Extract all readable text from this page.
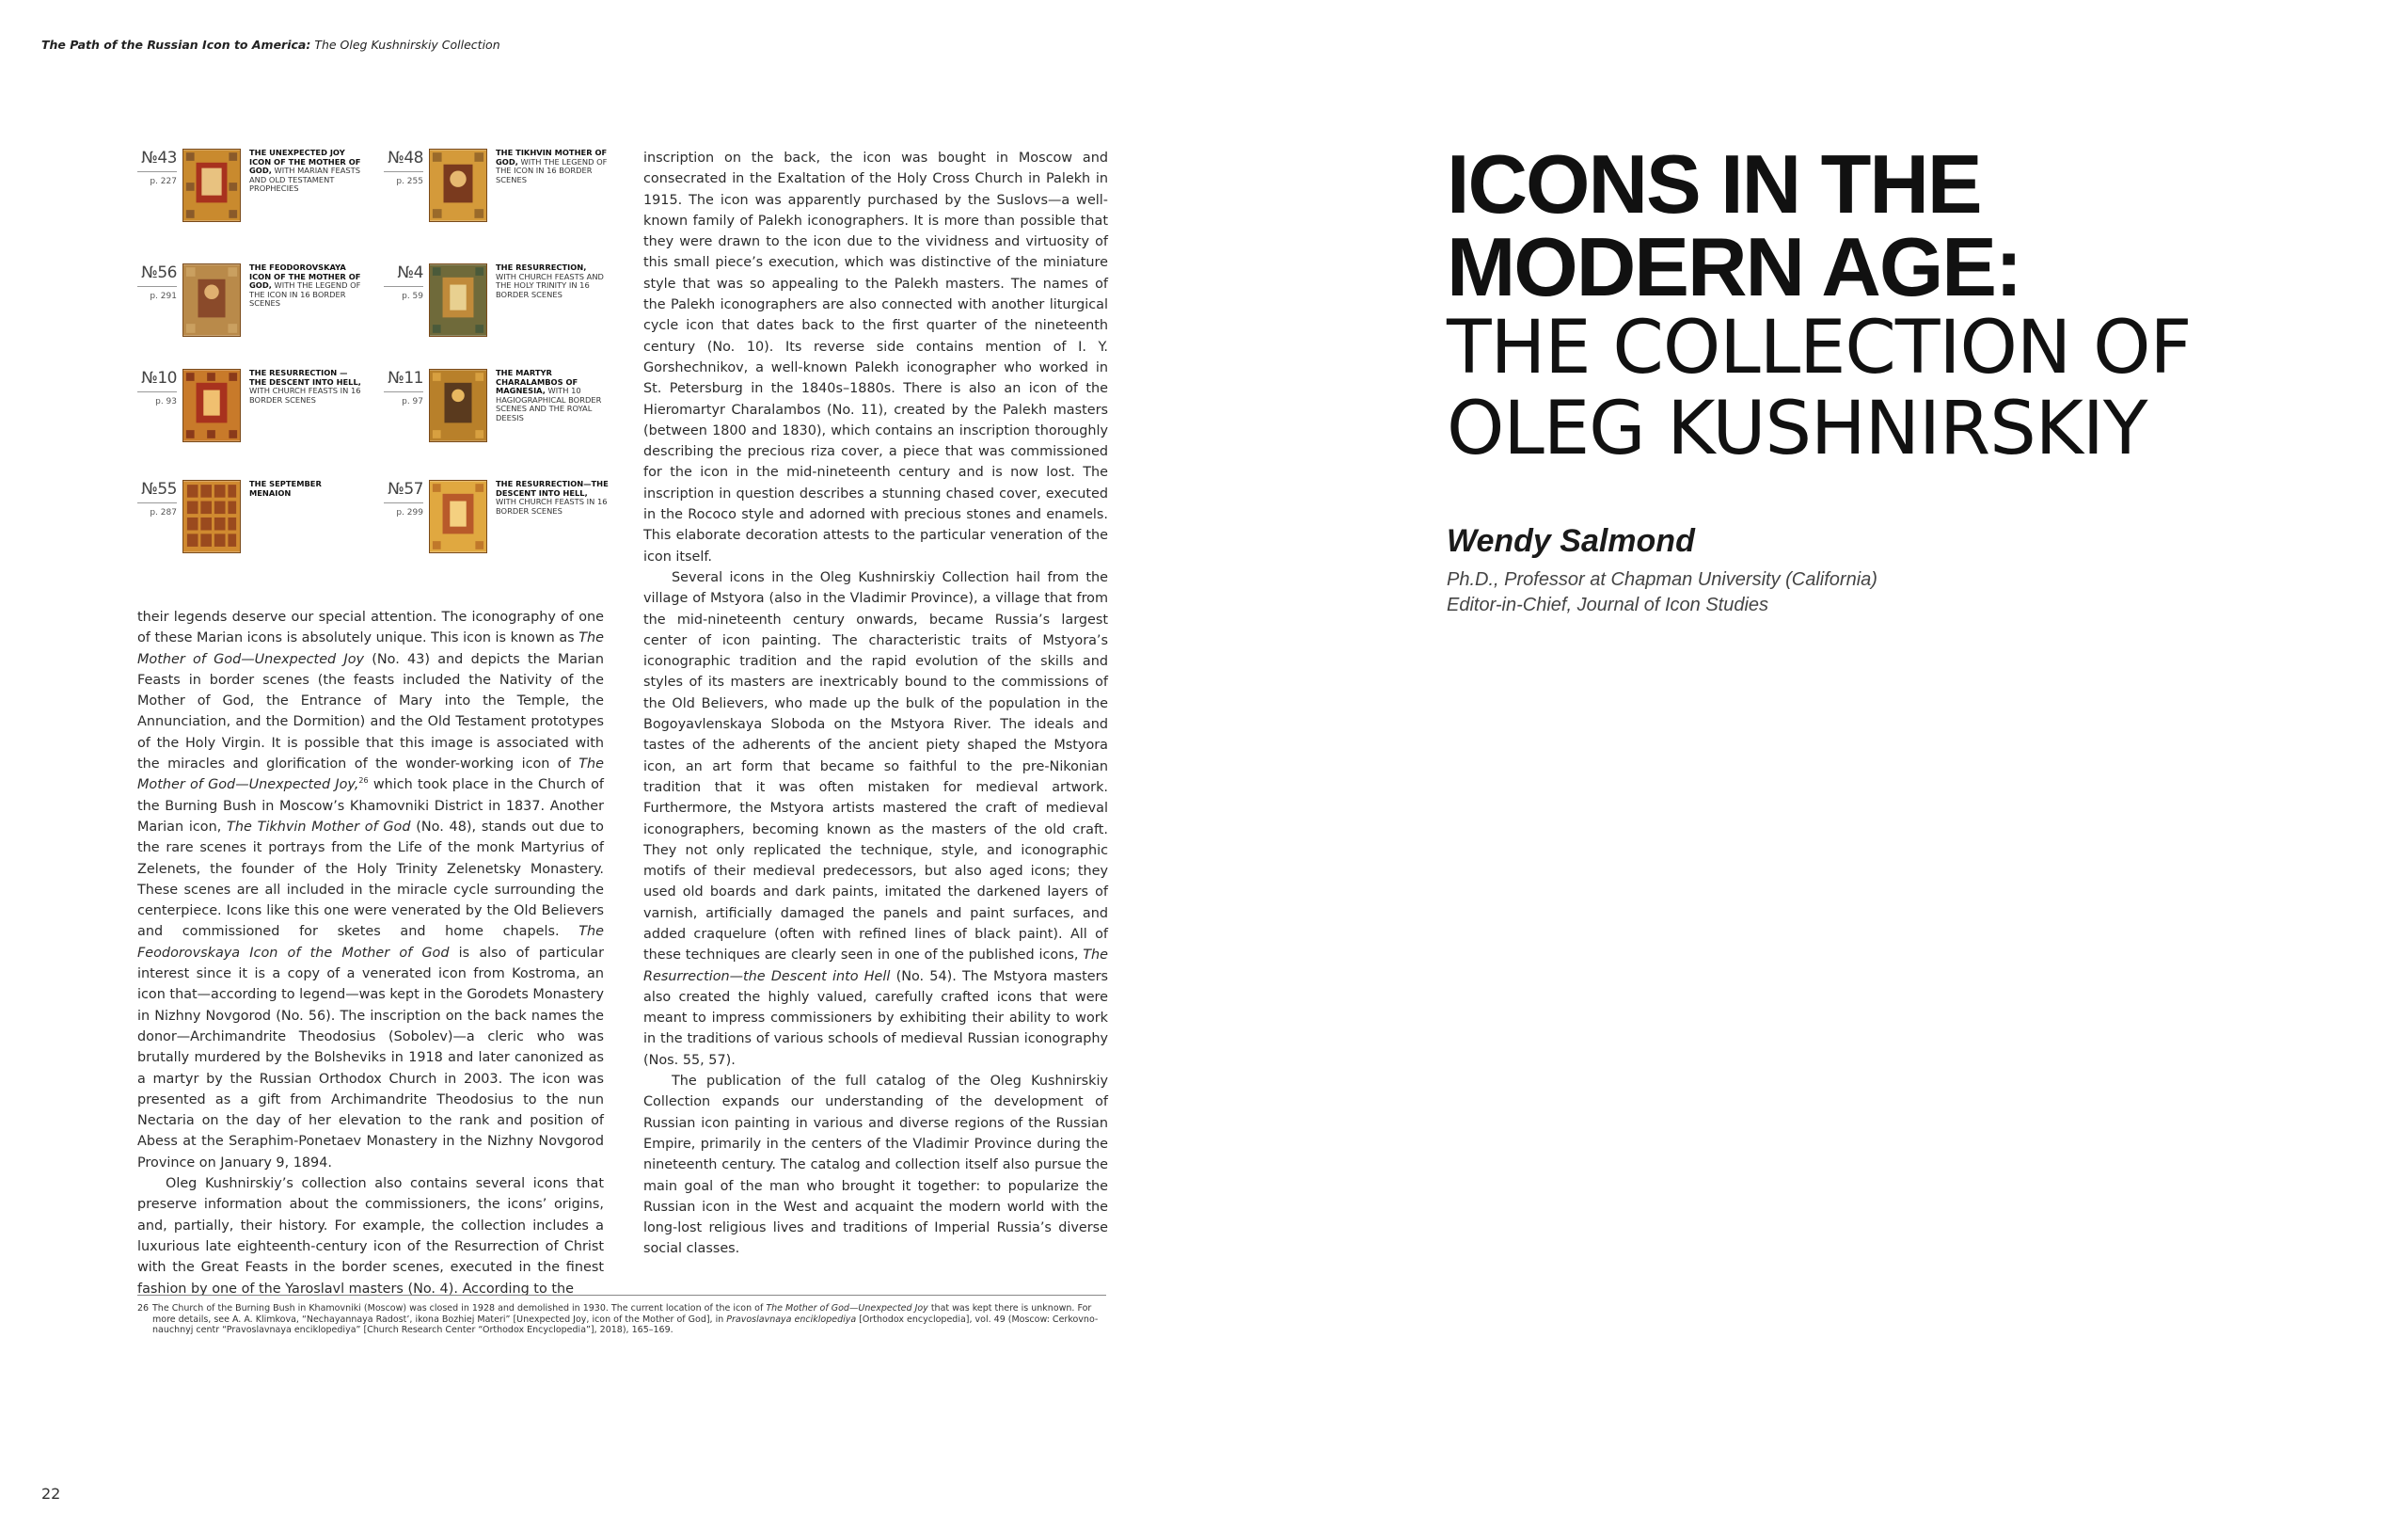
The Path of the Russian Icon to America: The Oleg Kushnirskiy Collection
№43
p. 227
THE UNEXPECTED JOY ICON OF THE MOTHER OF GOD, WITH MARIAN FEASTS AND OLD TESTAMENT PROPHECIES
№48
p. 255
THE TIKHVIN MOTHER OF GOD, WITH THE LEGEND OF THE ICON IN 16 BORDER SCENES
№56
p. 291
THE FEODOROVSKAYA ICON OF THE MOTHER OF GOD, WITH THE LEGEND OF THE ICON IN 16 BORDER SCENES
№4
p. 59
THE RESURRECTION, WITH CHURCH FEASTS AND THE HOLY TRINITY IN 16 BORDER SCENES
№10
p. 93
THE RESURRECTION —THE DESCENT INTO HELL, WITH CHURCH FEASTS IN 16 BORDER SCENES
№11
p. 97
THE MARTYR CHARALAMBOS OF MAGNESIA, WITH 10 HAGIOGRAPHICAL BORDER SCENES AND THE ROYAL DEESIS
№55
p. 287
THE SEPTEMBER MENAION	№57
p. 299
THE RESURRECTION—THE DESCENT INTO HELL, WITH CHURCH FEASTS IN 16 BORDER SCENES

their legends deserve our special attention. The iconography of one of these Marian icons is absolutely unique. This icon is known as The Mother of God—Unexpected Joy (No. 43) and depicts the Marian Feasts in border scenes (the feasts included the Nativity of the Mother of God, the Entrance of Mary into the Temple, the Annunciation, and the Dormition) and the Old Testament prototypes of the Holy Virgin. It is possible that this image is associated with the miracles and glorification of the wonder-working icon of The Mother of God—Unexpected Joy,$^{26}$ which took place in the Church of the Burning Bush in Moscow’s Khamovniki District in 1837. Another Marian icon, The Tikhvin Mother of God (No. 48), stands out due to the rare scenes it portrays from the Life of the monk Martyrius of Zelenets, the founder of the Holy Trinity Zelenetsky Monastery. These scenes are all included in the miracle cycle surrounding the centerpiece. Icons like this one were venerated by the Old Believers and commissioned for sketes and home chapels. The Feodorovskaya Icon of the Mother of God is also of particular interest since it is a copy of a venerated icon from Kostroma, an icon that—according to legend—was kept in the Gorodets Monastery in Nizhny Novgorod (No. 56). The inscription on the back names the donor—Archimandrite Theodosius (Sobolev)—a cleric who was brutally murdered by the Bolsheviks in 1918 and later canonized as a martyr by the Russian Orthodox Church in 2003. The icon was presented as a gift from Archimandrite Theodosius to the nun Nectaria on the day of her elevation to the rank and position of Abess at the Seraphim-Ponetaev Monastery in the Nizhny Novgorod Province on January 9, 1894.

Oleg Kushnirskiy’s collection also contains several icons that preserve information about the commissioners, the icons’ origins, and, partially, their history. For example, the collection includes a luxurious late eighteenth-century icon of the Resurrection of Christ with the Great Feasts in the border scenes, executed in the finest fashion by one of the Yaroslavl masters (No. 4). According to the

inscription on the back, the icon was bought in Moscow and consecrated in the Exaltation of the Holy Cross Church in Palekh in 1915. The icon was apparently purchased by the Suslovs—a well-known family of Palekh iconographers. It is more than possible that they were drawn to the icon due to the vividness and virtuosity of this small piece’s execution, which was distinctive of the miniature style that was so appealing to the Palekh masters. The names of the Palekh iconographers are also connected with another liturgical cycle icon that dates back to the first quarter of the nineteenth century (No. 10). Its reverse side contains mention of I. Y. Gorshechnikov, a well-known Palekh iconographer who worked in St. Petersburg in the 1840s–1880s. There is also an icon of the Hieromartyr Charalambos (No. 11), created by the Palekh masters (between 1800 and 1830), which contains an inscription thoroughly describing the precious riza cover, a piece that was commissioned for the icon in the mid-nineteenth century and is now lost. The inscription in question describes a stunning chased cover, executed in the Rococo style and adorned with precious stones and enamels. This elaborate decoration attests to the particular veneration of the icon itself.

Several icons in the Oleg Kushnirskiy Collection hail from the village of Mstyora (also in the Vladimir Province), a village that from the mid-nineteenth century onwards, became Russia’s largest center of icon painting. The characteristic traits of Mstyora’s iconographic tradition and the rapid evolution of the skills and styles of its masters are inextricably bound to the commissions of the Old Believers, who made up the bulk of the population in the Bogoyavlenskaya Sloboda on the Mstyora River. The ideals and tastes of the adherents of the ancient piety shaped the Mstyora icon, an art form that became so faithful to the pre-Nikonian tradition that it was often mistaken for medieval artwork. Furthermore, the Mstyora artists mastered the craft of medieval iconographers, becoming known as the masters of the old craft. They not only replicated the technique, style, and iconographic motifs of their medieval predecessors, but also aged icons; they used old boards and dark paints, imitated the darkened layers of varnish, artificially damaged the panels and paint surfaces, and added craquelure (often with refined lines of black paint). All of these techniques are clearly seen in one of the published icons, The Resurrection—the Descent into Hell (No. 54). The Mstyora masters also created the highly valued, carefully crafted icons that were meant to impress commissioners by exhibiting their ability to work in the traditions of various schools of medieval Russian iconography (Nos. 55, 57).

The publication of the full catalog of the Oleg Kushnirskiy Collection expands our understanding of the development of Russian icon painting in various and diverse regions of the Russian Empire, primarily in the centers of the Vladimir Province during the nineteenth century. The catalog and collection itself also pursue the main goal of the man who brought it together: to popularize the Russian icon in the West and acquaint the modern world with the long-lost religious lives and traditions of Imperial Russia’s diverse social classes.

26 The Church of the Burning Bush in Khamovniki (Moscow) was closed in 1928 and demolished in 1930. The current location of the icon of The Mother of God—Unexpected Joy that was kept there is unknown. For more details, see A. A. Klimkova, “Nechayannaya Radost’, ikona Bozhiej Materi” [Unexpected Joy, icon of the Mother of God], in Pravoslavnaya enciklopediya [Orthodox encyclopedia], vol. 49 (Moscow: Cerkovno-nauchnyj centr “Pravoslavnaya enciklopediya” [Church Research Center “Orthodox Encyclopedia”], 2018), 165–169.
ICONS IN THE
MODERN AGE:
THE COLLECTION OF
OLEG KUSHNIRSKIY
Wendy Salmond
Ph.D., Professor at Chapman University (California)
Editor-in-Chief, Journal of Icon Studies
22
